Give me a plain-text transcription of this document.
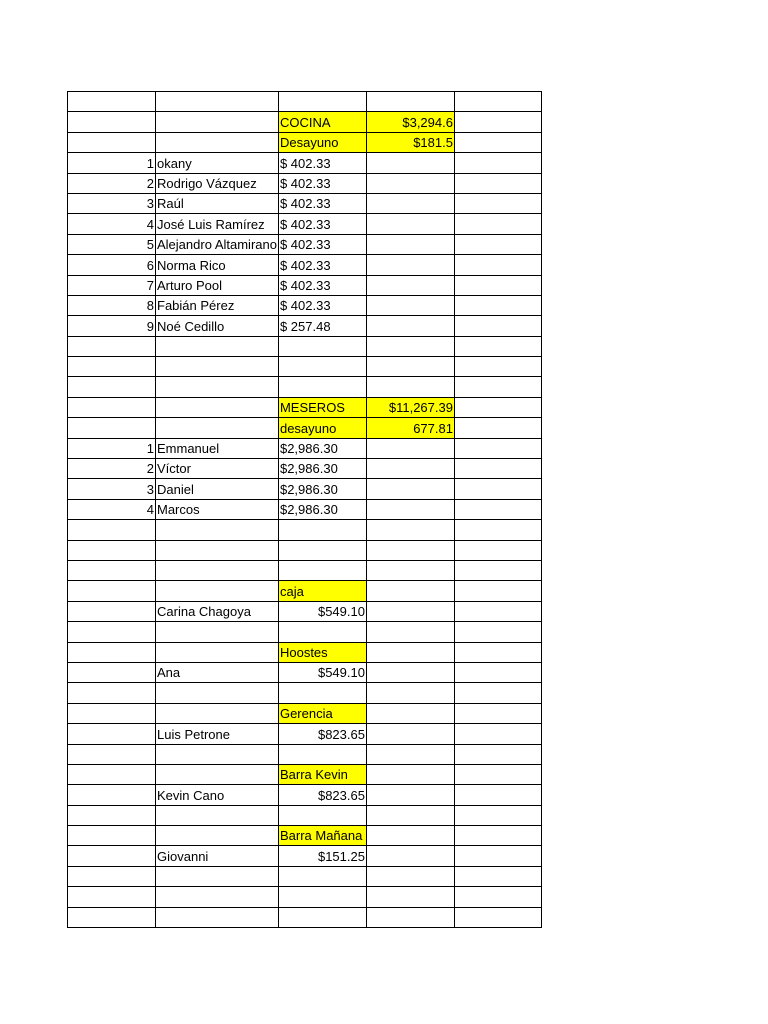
		COCINA	$3,294.6	
		Desayuno	$181.5	
1	okany	$ 402.33		
2	Rodrigo Vázquez	$ 402.33		
3	Raúl	$ 402.33		
4	José Luis Ramírez	$ 402.33		
5	Alejandro Altamirano	$ 402.33		
6	Norma Rico	$ 402.33		
7	Arturo Pool	$ 402.33		
8	Fabián Pérez	$ 402.33		
9	Noé Cedillo	$ 257.48		

		MESEROS	$11,267.39	
		desayuno	677.81	
1	Emmanuel	$2,986.30		
2	Víctor	$2,986.30		
3	Daniel	$2,986.30		
4	Marcos	$2,986.30		

		caja		
	Carina Chagoya	$549.10		

		Hoostes		
	Ana	$549.10		

		Gerencia		
	Luis Petrone	$823.65		

		Barra Kevin		
	Kevin Cano	$823.65		

		Barra Mañana		
	Giovanni	$151.25		
